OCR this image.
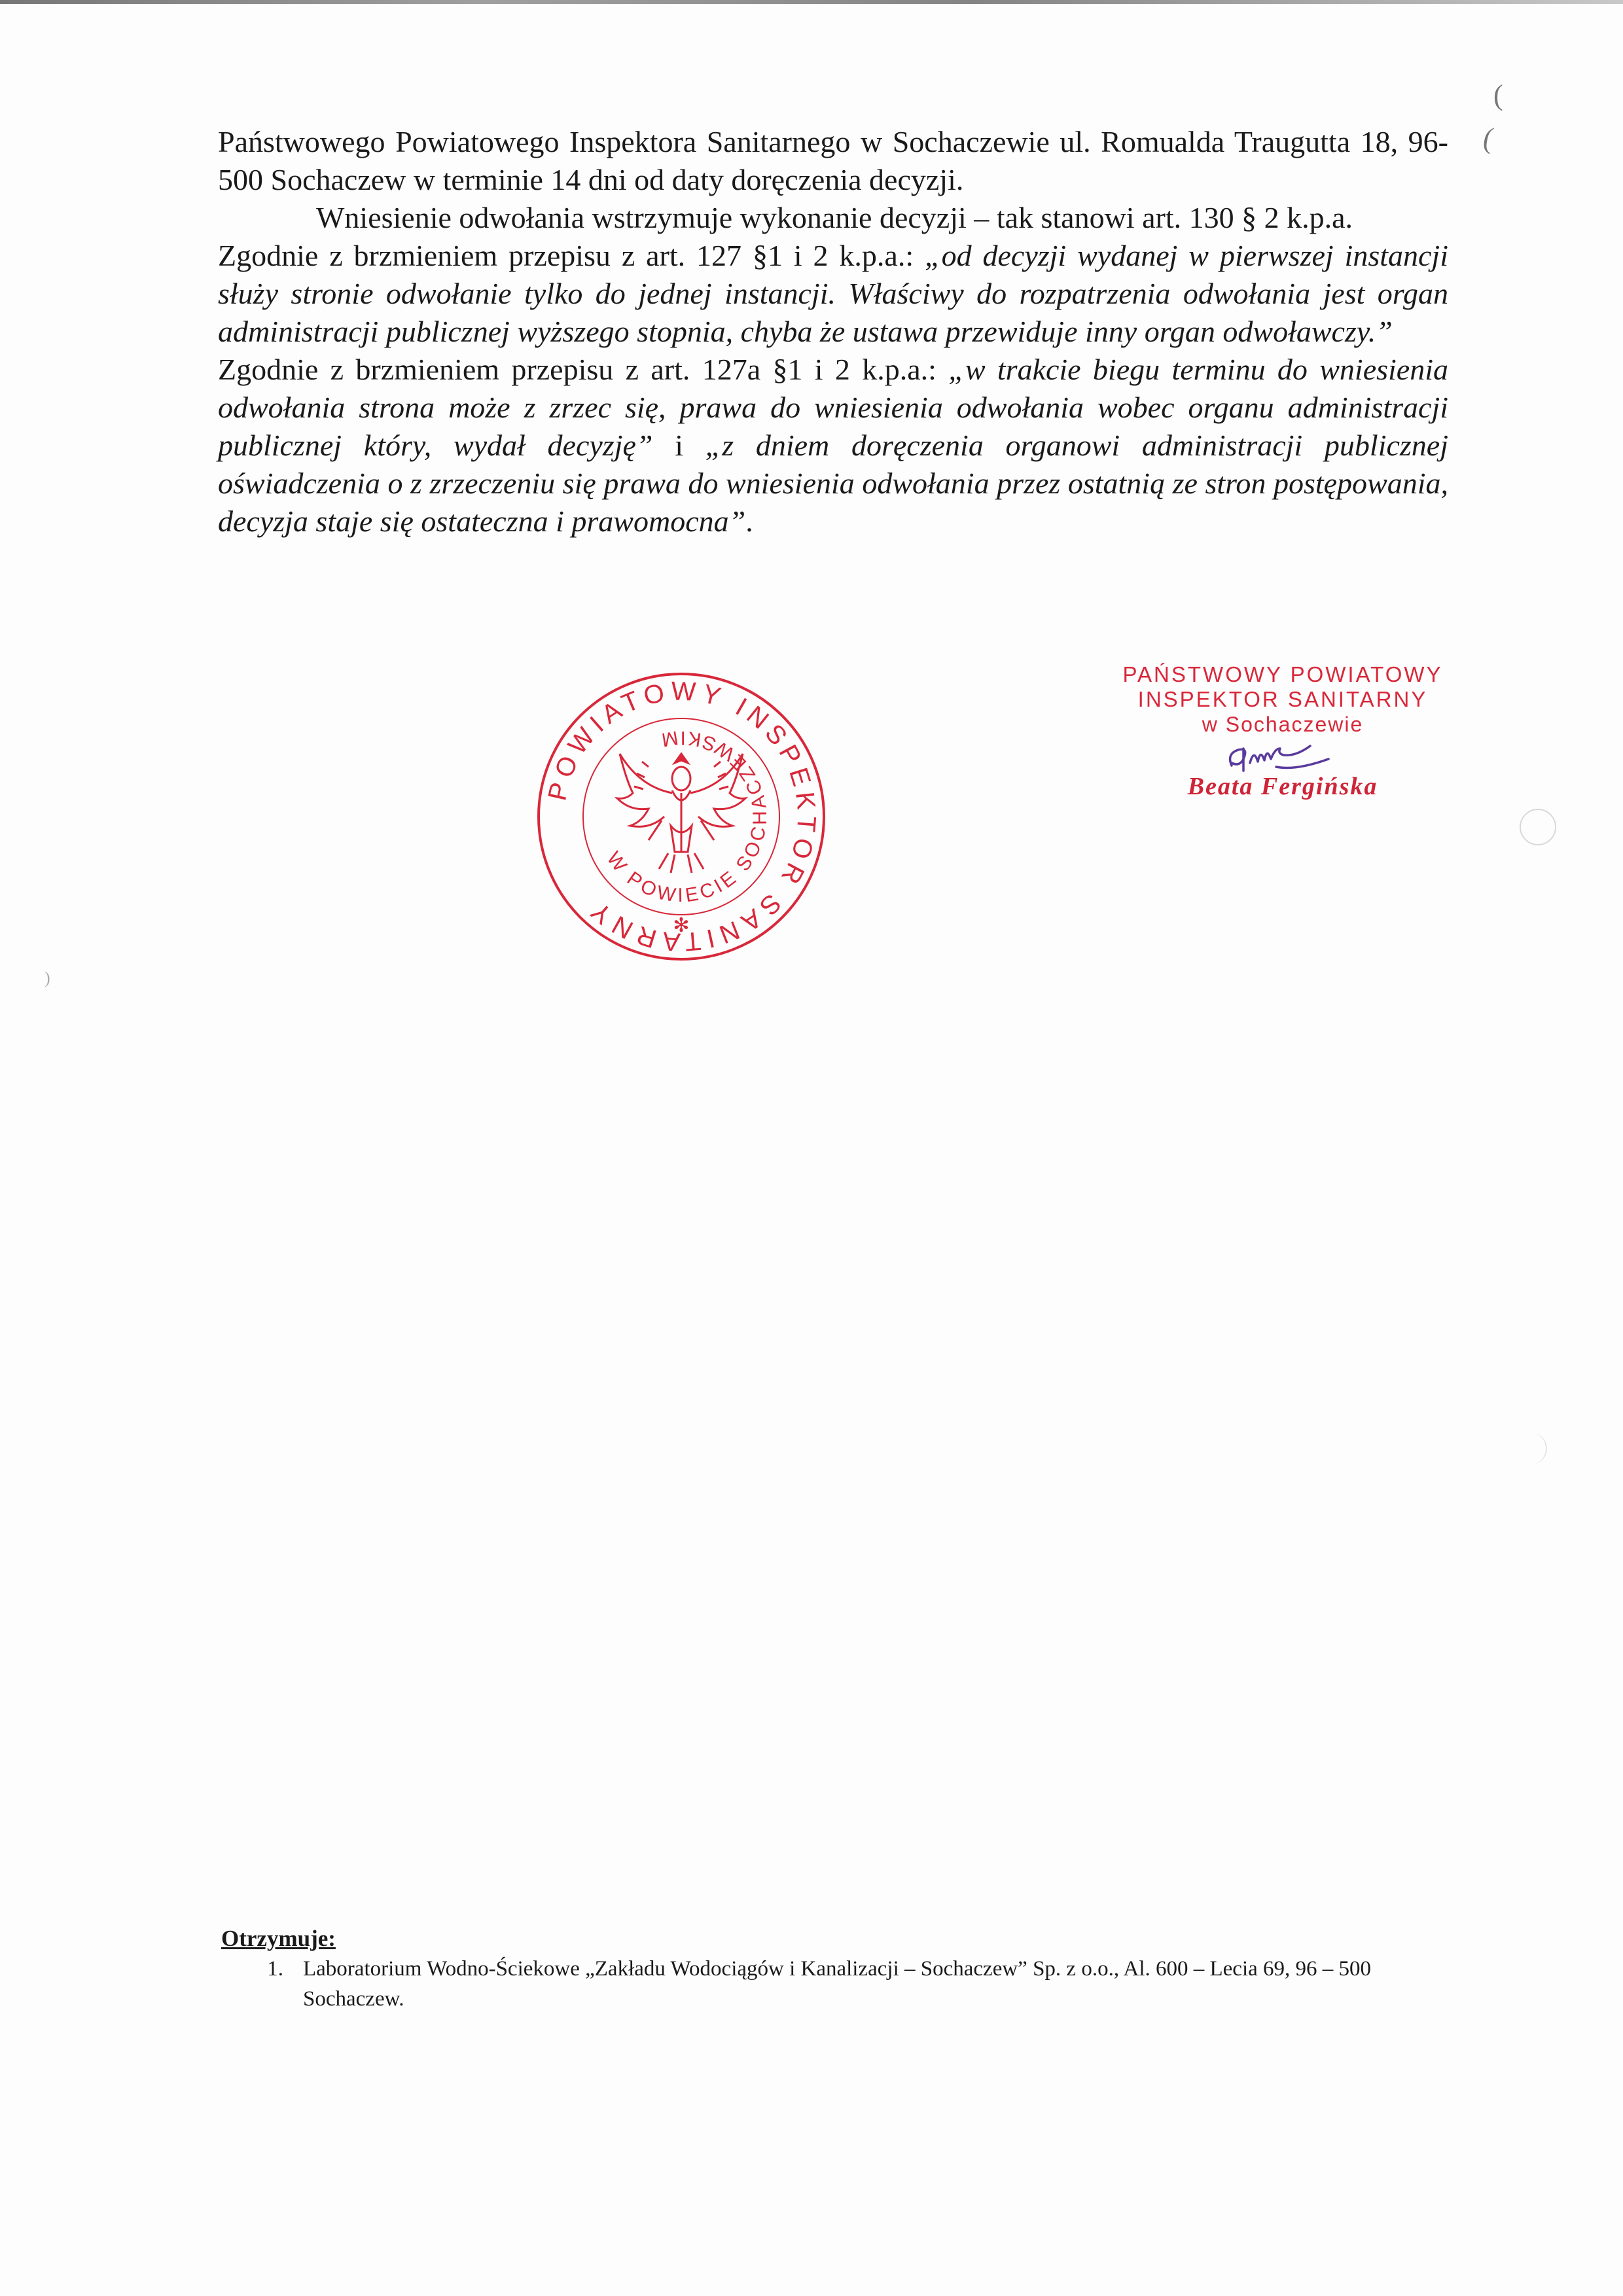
(
(
)

Państwowego Powiatowego Inspektora Sanitarnego w Sochaczewie ul. Romualda Traugutta 18, 96-500 Sochaczew w terminie 14 dni od daty doręczenia decyzji.

Wniesienie odwołania wstrzymuje wykonanie decyzji – tak stanowi art. 130 § 2 k.p.a.

Zgodnie z brzmieniem przepisu z art. 127 §1 i 2 k.p.a.: „od decyzji wydanej w pierwszej instancji służy stronie odwołanie tylko do jednej instancji. Właściwy do rozpatrzenia odwołania jest organ administracji publicznej wyższego stopnia, chyba że ustawa przewiduje inny organ odwoławczy.”

Zgodnie z brzmieniem przepisu z art. 127a §1 i 2 k.p.a.: „w trakcie biegu terminu do wniesienia odwołania strona może z zrzec się, prawa do wniesienia odwołania wobec organu administracji publicznej który, wydał decyzję” i „z dniem doręczenia organowi administracji publicznej oświadczenia o z zrzeczeniu się prawa do wniesienia odwołania przez ostatnią ze stron postępowania, decyzja staje się ostateczna i prawomocna”.

POWIATOWY INSPEKTOR SANITARNY
W POWIECIE SOCHACZEWSKIM
✻
PAŃSTWOWY POWIATOWY
INSPEKTOR SANITARNY
w Sochaczewie
Beata Fergińska
Otrzymuje:
1. Laboratorium Wodno-Ściekowe „Zakładu Wodociągów i Kanalizacji – Sochaczew” Sp. z o.o., Al. 600 – Lecia 69, 96 – 500 Sochaczew.
